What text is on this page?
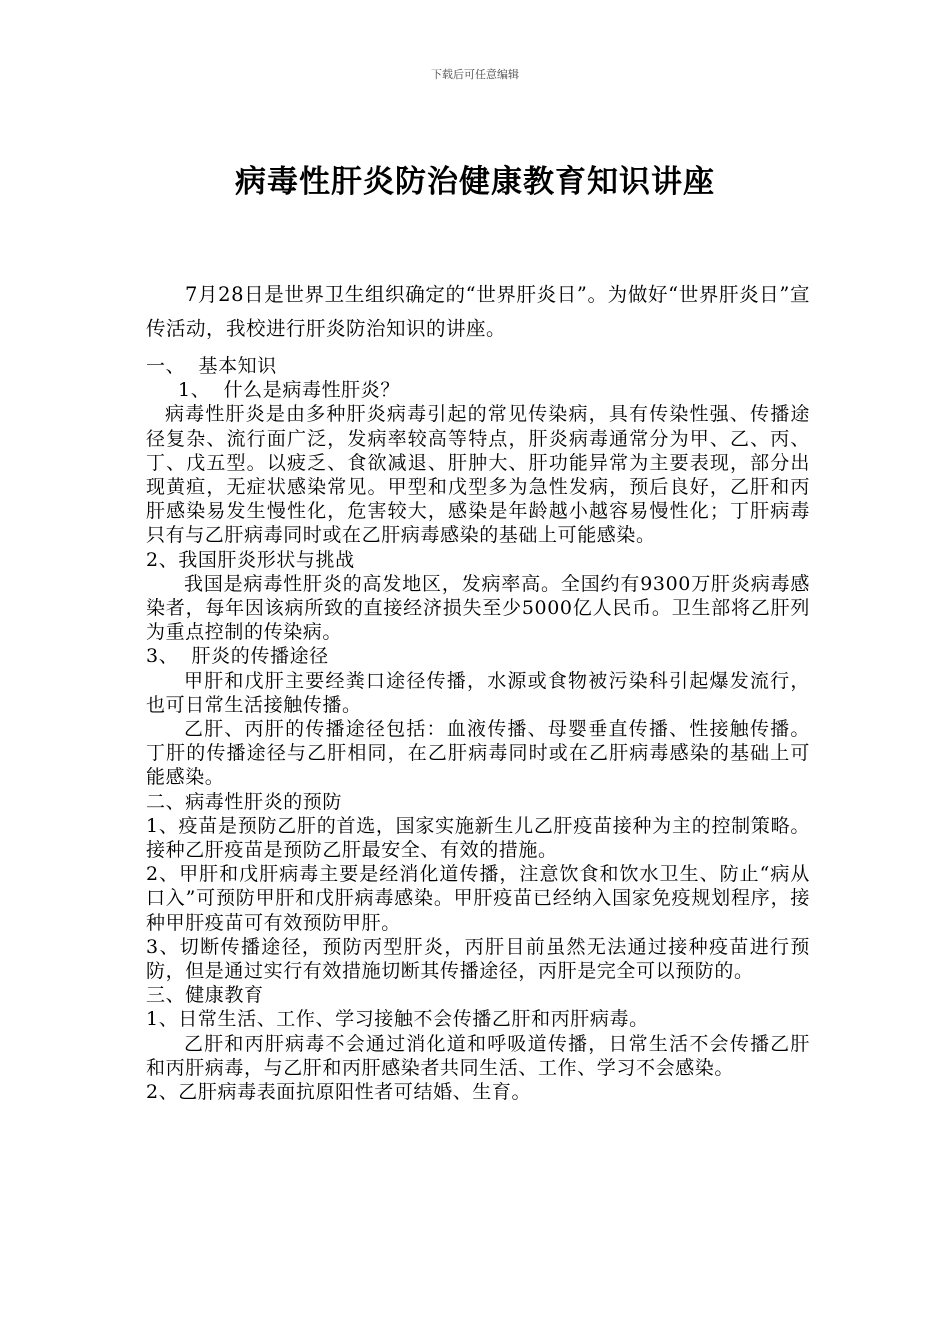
下载后可任意编辑
病毒性肝炎防治健康教育知识讲座

7月28日是世界卫生组织确定的“世界肝炎日”。为做好“世界肝炎日”宣传活动，我校进行肝炎防治知识的讲座。

一、  基本知识

1、  什么是病毒性肝炎？

病毒性肝炎是由多种肝炎病毒引起的常见传染病，具有传染性强、传播途径复杂、流行面广泛，发病率较高等特点，肝炎病毒通常分为甲、乙、丙、丁、戊五型。以疲乏、食欲减退、肝肿大、肝功能异常为主要表现，部分出现黄疸，无症状感染常见。甲型和戊型多为急性发病，预后良好，乙肝和丙肝感染易发生慢性化，危害较大，感染是年龄越小越容易慢性化；丁肝病毒只有与乙肝病毒同时或在乙肝病毒感染的基础上可能感染。

2、我国肝炎形状与挑战

我国是病毒性肝炎的高发地区，发病率高。全国约有9300万肝炎病毒感染者，每年因该病所致的直接经济损失至少5000亿人民币。卫生部将乙肝列为重点控制的传染病。

3、  肝炎的传播途径

甲肝和戊肝主要经粪口途径传播，水源或食物被污染科引起爆发流行，也可日常生活接触传播。

乙肝、丙肝的传播途径包括：血液传播、母婴垂直传播、性接触传播。丁肝的传播途径与乙肝相同，在乙肝病毒同时或在乙肝病毒感染的基础上可能感染。

二、病毒性肝炎的预防

1、疫苗是预防乙肝的首选，国家实施新生儿乙肝疫苗接种为主的控制策略。接种乙肝疫苗是预防乙肝最安全、有效的措施。

2、甲肝和戊肝病毒主要是经消化道传播，注意饮食和饮水卫生、防止“病从口入”可预防甲肝和戊肝病毒感染。甲肝疫苗已经纳入国家免疫规划程序，接种甲肝疫苗可有效预防甲肝。

3、切断传播途径，预防丙型肝炎，丙肝目前虽然无法通过接种疫苗进行预防，但是通过实行有效措施切断其传播途径，丙肝是完全可以预防的。

三、健康教育

1、日常生活、工作、学习接触不会传播乙肝和丙肝病毒。

乙肝和丙肝病毒不会通过消化道和呼吸道传播，日常生活不会传播乙肝和丙肝病毒，与乙肝和丙肝感染者共同生活、工作、学习不会感染。

2、乙肝病毒表面抗原阳性者可结婚、生育。
